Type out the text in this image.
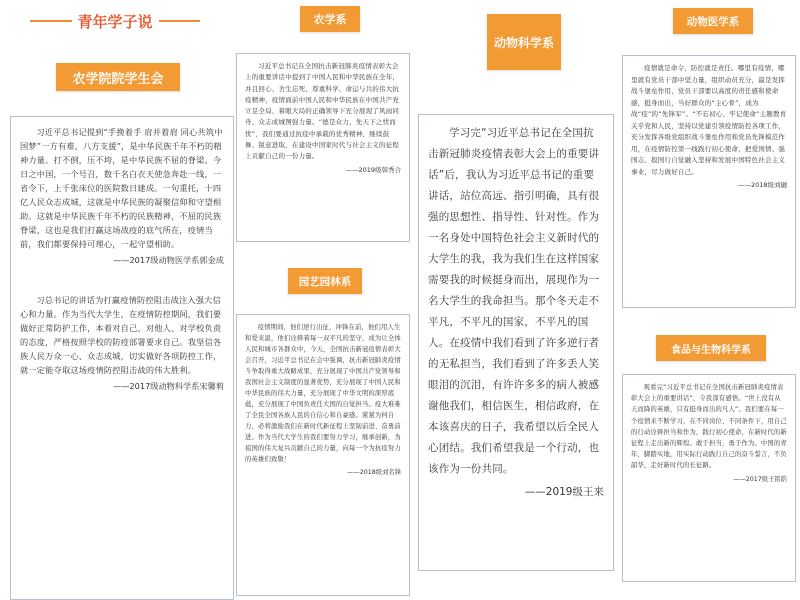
青年学子说
农学院院学生会

习近平总书记提到“手挽着手 肩并着肩 同心共筑中国梦”一方有难，八方支援”，是中华民族千年不朽的精神力量。打不倒，压不垮，是中华民族不屈的脊梁。今日之中国，一个号召，数千名白衣天使急奔赴一线，一省令下，上千张床位的医院数日建成。一句重托，十四亿人民众志成城，这就是中华民族的凝聚信仰和守望相助。这就是中华民族千年不朽的民族精神，不屈的民族脊梁，这也是我们打赢这场战疫的底气所在，疫情当前，我们都要保持可理心，一起守望相助。

——2017级动物医学系郭金成

习总书记的讲话为打赢疫情防控阻击战注入强大信心和力量。作为当代大学生，在疫情防控期间，我们要做好正常防护工作，本着对自己、对他人、对学校负责的态度，严格按照学校的防疫部署要求自己。我坚信各族人民万众一心、众志成城，切实做好各项防控工作，就一定能夺取这场疫情防控阻击战的伟大胜利。

——2017级动物科学系宋馨莉
农学系

习近平总书记在全国抗击新冠肺炎疫情表彰大会上的重要讲话中提到了中国人民和中华民族在全年，并且回心、舍生忘死、尊重科学、命运与共的伟大抗疫精神，疫情面前中国人民和中华民族在中国共产党立足全局、着眼大局的正确领导下充分展现了风雨同舟、众志成城图强力量。“德是众力，先天下之忧而忧”，我们要通过抗疫中承载的优秀精神，继续鼓舞、锐意进取，在建设中国家时代与社会主义的征程上贡献自己的一份力量。

——2019级韩秀合
园艺园林系

疫情期间，他们逆行出征，冲锋在前，他们用人生和爱来温，他们诠释着每一双平凡的坚守，成为让全体人民和城市各群众中，今天，全国抗击新冠疫情表彰大会召开，习近平总书记在会中强调，抗击新冠肺炎疫情斗争取得重大战略成果，充分展现了中国共产党领导和我国社会主义制度的显著优势，充分展现了中国人民和中华民族的伟大力量，充分展现了中华文明的深厚底蕴，充分展现了中国负责任大国的自觉担当。疫大难难了全民全国各族人民的自信心和自豪感。紧紧为何自力，必将激励我们在新时代新征程上坚韧前进、奋勇前进。作为当代大学生的我们要努力学习，继承创新，为祖国的伟大复兴贡献自己的力量，向每一个为抗疫努力的英雄们致敬！

——2018级刘名锋
动物科学系

学习完“习近平总书记在全国抗击新冠肺炎疫情表彰大会上的重要讲话”后，我认为习近平总书记的重要讲话，站位高远、指引明确，具有很强的思想性、指导性、针对性。作为一名身处中国特色社会主义新时代的大学生的我，我为我们生在这样国家需要我的时候挺身而出，展现作为一名大学生的我命担当。那个冬天走不平凡，不平凡的国家，不平凡的国人。在疫情中我们看到了许多逆行者的无私担当，我们看到了许多丢人笑眼泪的沉泪，有许许多多的病人被感谢他我们，相信医生，相信政府，在本该喜庆的日子，我希望以后全民人心团结。我们希望我是一个行动，也该作为一份共同。

——2019级王来
动物医学系

疫情就是命令，防控就是责任。哪里有疫情，哪里就有党员干部中坚力量，组织动员充分，最是发挥战斗堡垒作用，党员干部要以高度的责任感和使命感，挺身而出，当好群众的“主心骨”，成为战“疫”的“先锋军”。“不忘初心、牢记使命”主题教育关乎党和人民，坚持以党建引领疫情防控各项工作，充分发挥各级党组织战斗堡垒作用和党员先锋模范作用，在疫情防控第一线践行初心使命，把爱国情、强国志、报国行自觉融入坚持和发展中国特色社会主义事业，尽力做好自己。

——2018级刘融
食品与生物科学系

观看完“习近平总书记在全国抗击新冠肺炎疫情表彰大会上的重要讲话”，令我深有感悟。“世上没有从天而降的英雄，只有挺身而出的凡人”。我们要在每一个疫情来不断学习，在不同岗位、不同条件下，用自己的行动诠释担当和作为，践行初心使命，在新时代的新征程上走出新的辉煌。敢于担当，勇于作为。中国的青年，脚踏实地，用实际行动践行自己的奋斗誓言，不负韶华，走好新时代的长征路。

——2017级王铭皓
